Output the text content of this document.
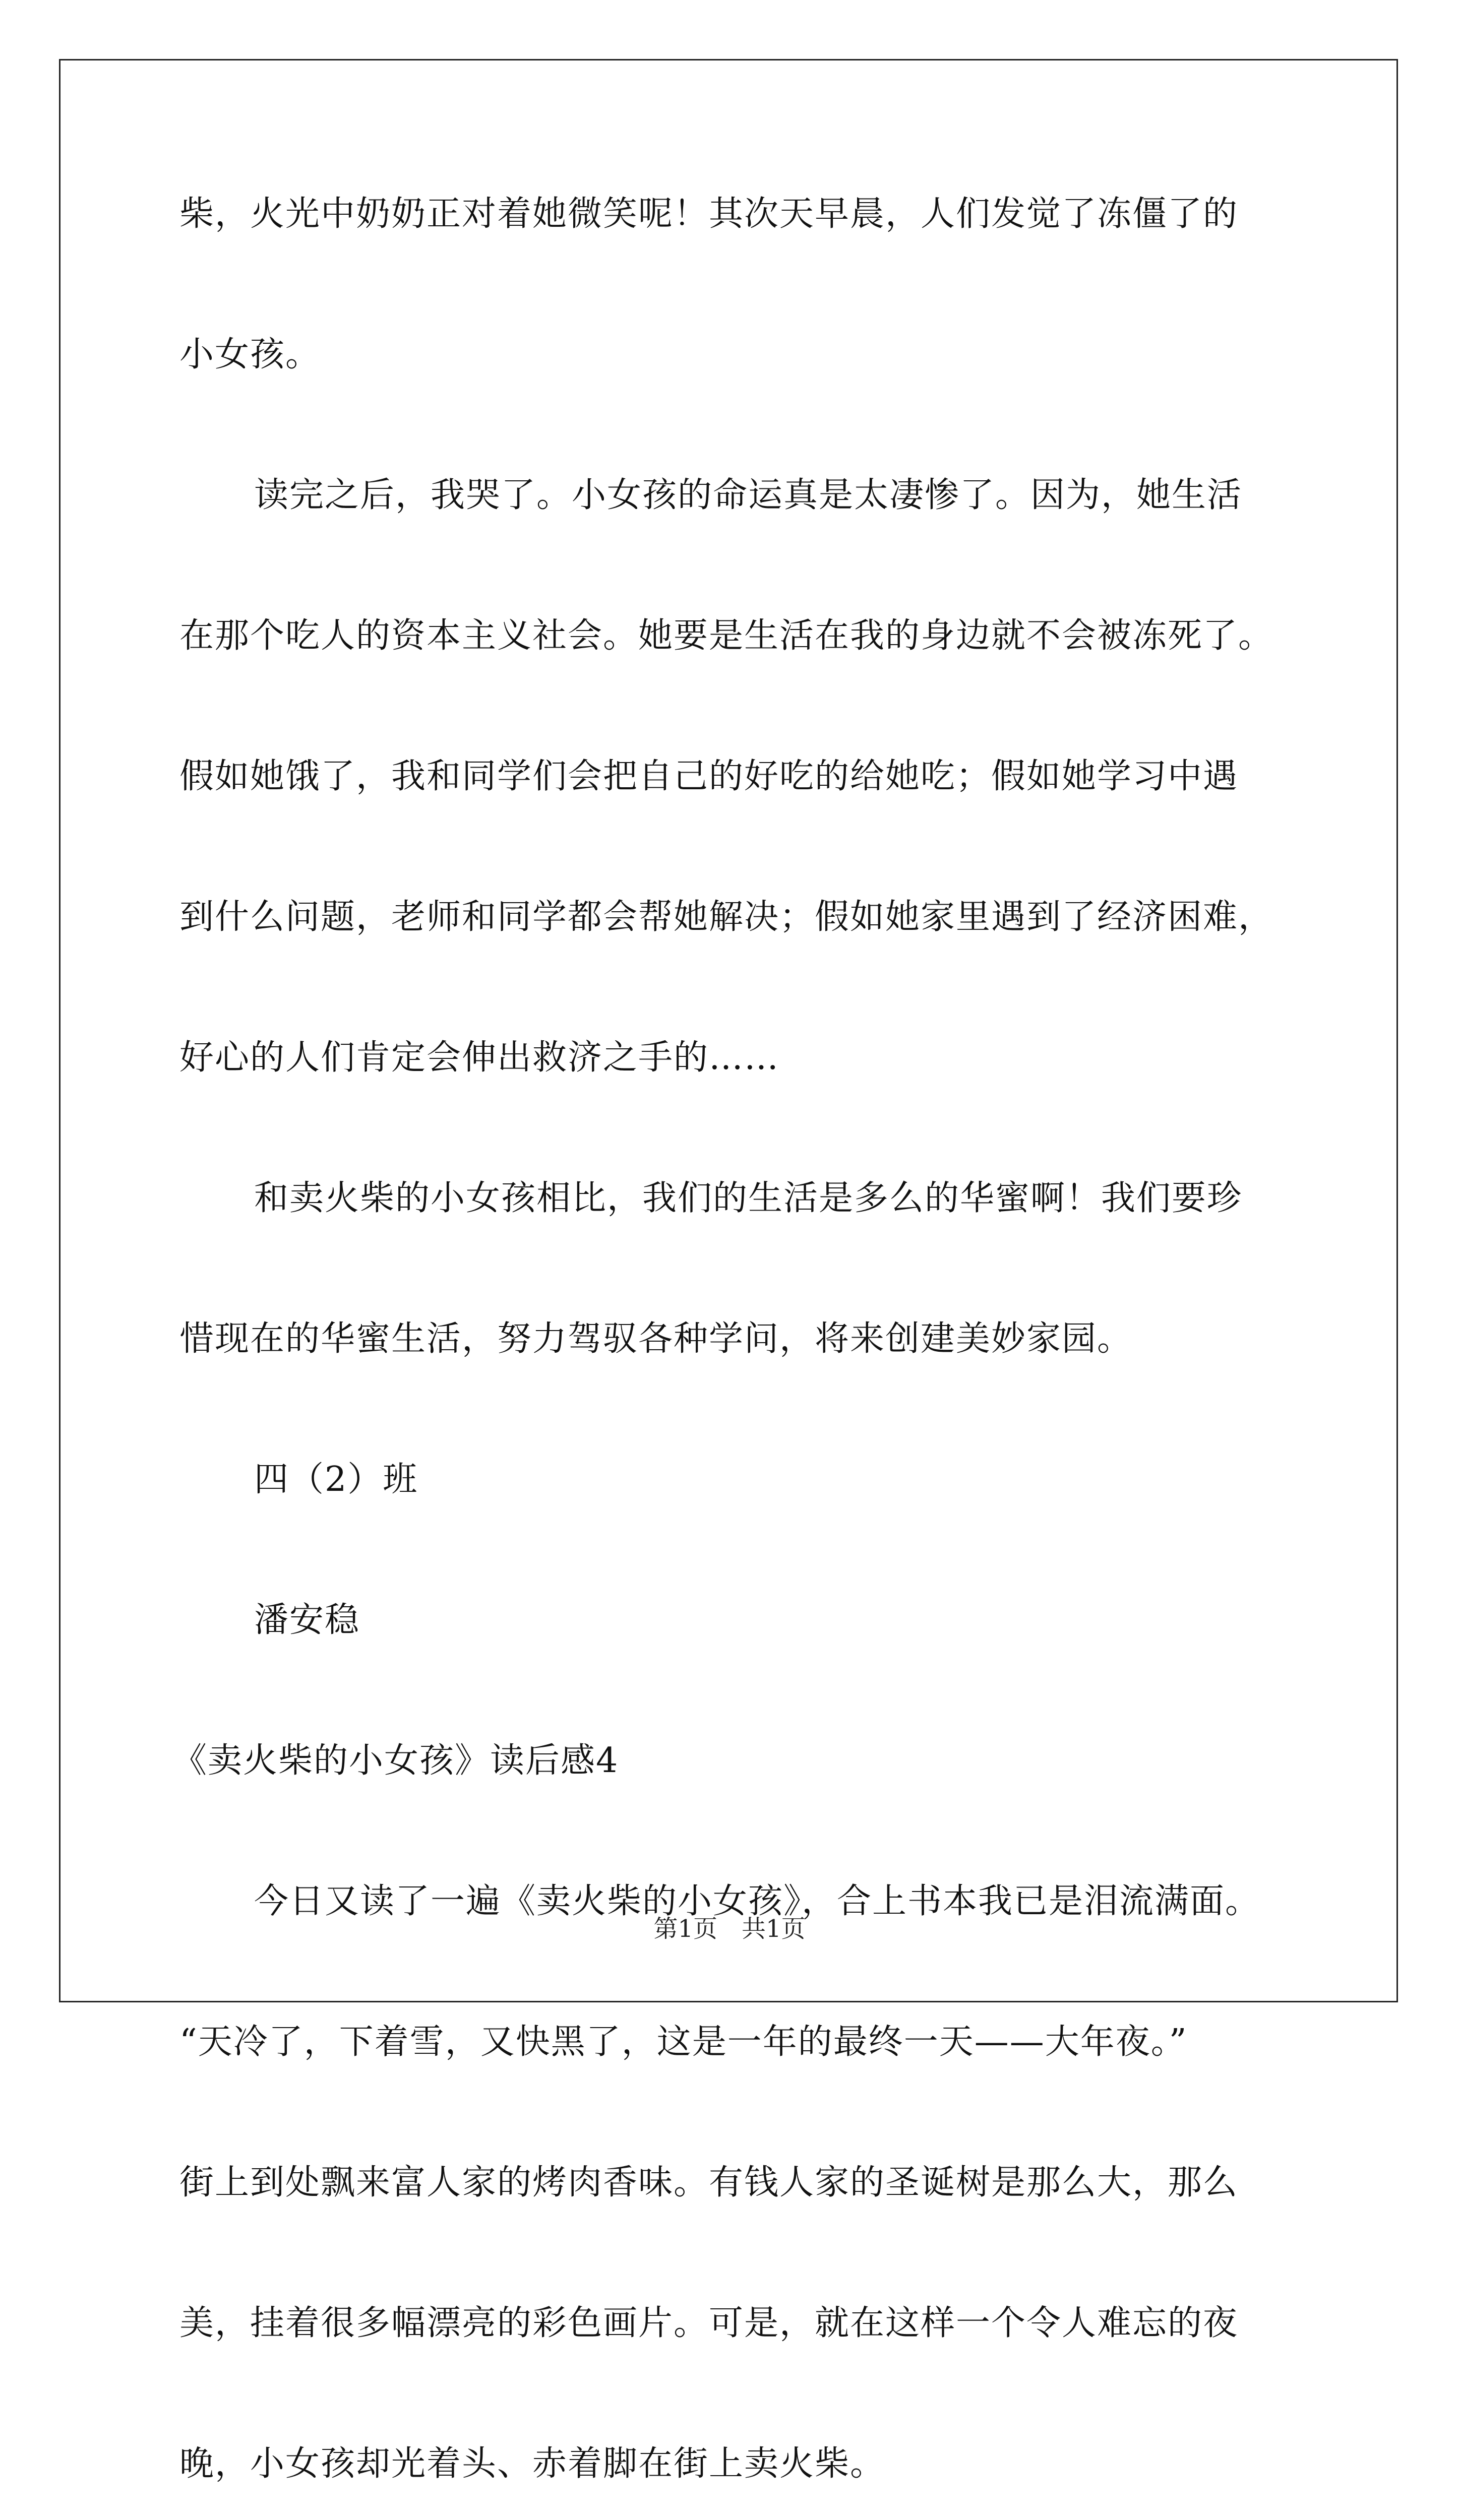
柴，火光中奶奶正对着她微笑呢！其次天早晨，人们发觉了冻僵了的
小女孩。
读完之后，我哭了。小女孩的命运真是太凄惨了。因为，她生活
在那个吃人的资本主义社会。她要是生活在我的身边就不会被冻死了。
假如她饿了，我和同学们会把自己的好吃的给她吃；假如她学习中遇
到什么问题，老师和同学都会帮她解决；假如她家里遇到了经济困难，
好心的人们肯定会伸出救济之手的……
和卖火柴的小女孩相比，我们的生活是多么的华蜜啊！我们要珍
惜现在的华蜜生活，努力驾驭各种学问，将来创建美妙家园。
四（2）班
潘安稳
《卖火柴的小女孩》读后感4
今日又读了一遍《卖火柴的小女孩》，合上书本我已是泪流满面。
“天冷了，下着雪，又快黑了，这是一年的最终一天——大年夜。”
街上到处飘来富人家的烤肉香味。有钱人家的圣诞树是那么大，那么
美，挂着很多幅漂亮的彩色画片。可是，就在这样一个令人难忘的夜
晚，小女孩却光着头、赤着脚在街上卖火柴。
第1页 共1页
